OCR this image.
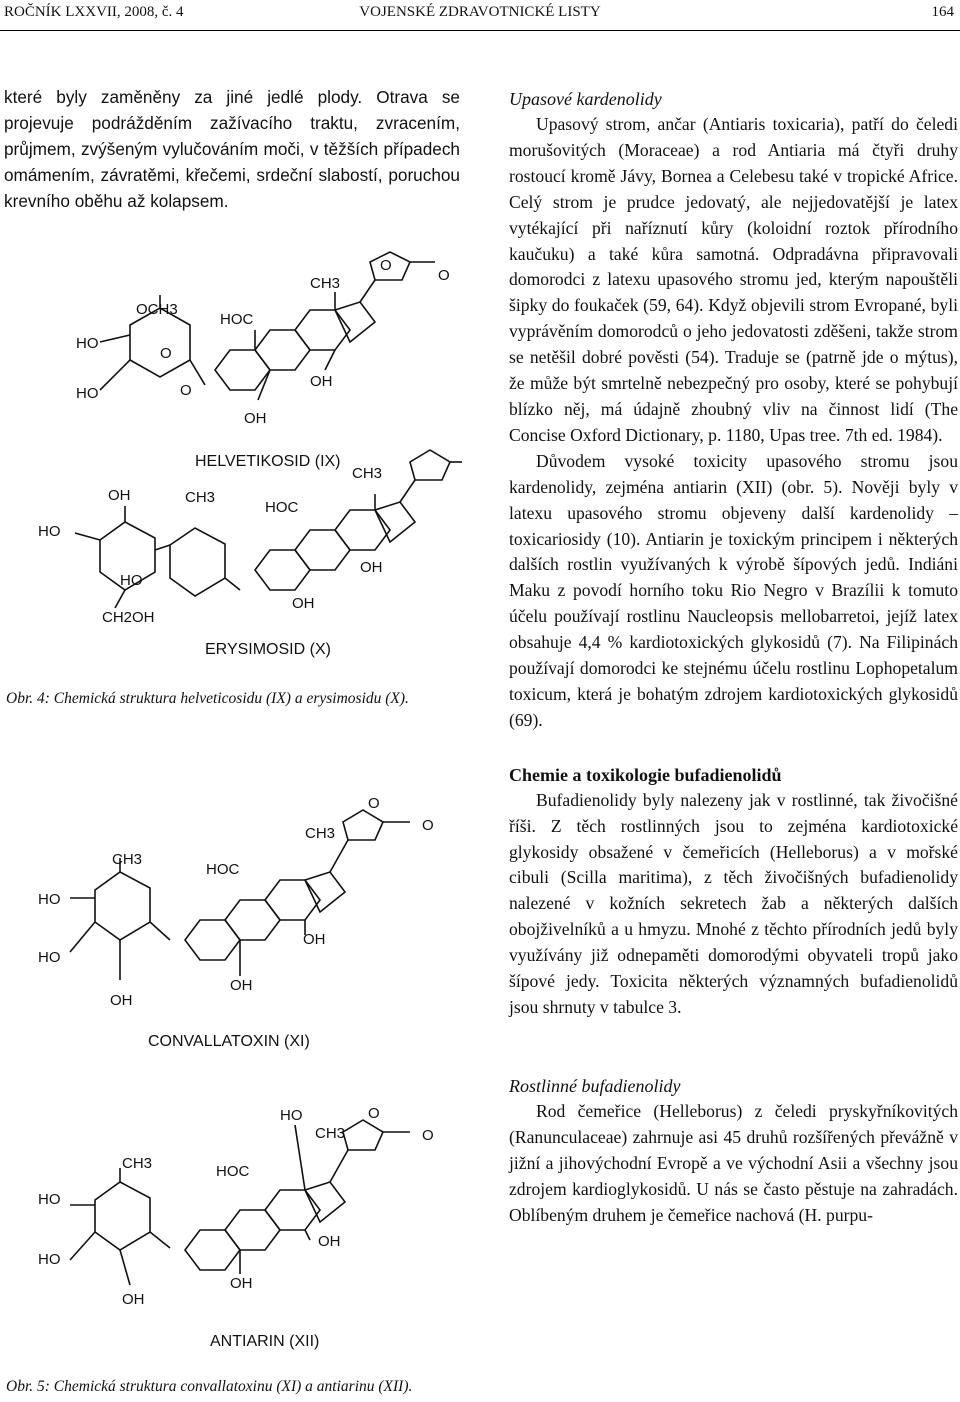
ROČNÍK LXXVII, 2008, č. 4	VOJENSKÉ ZDRAVOTNICKÉ LISTY	164

které byly zaměněny za jiné jedlé plody. Otrava se projevuje podrážděním zažívacího traktu, zvracením, průjmem, zvýšeným vylučováním moči, v těžších případech omámením, závratěmi, křečemi, srdeční slabostí, poruchou krevního oběhu až kolapsem.

OCH3
HO
HO
O
O
HOC
CH3
O
O
OH
OH
HELVETIKOSID (IX)
OH
HO
CH3
HO
CH2OH
HOC
CH3
OH
OH
ERYSIMOSID (X)
Obr. 4: Chemická struktura helveticosidu (IX) a erysimosidu (X).
CH3
HO
HO
OH
HOC
CH3
O
O
OH
OH
CONVALLATOXIN (XI)
CH3
HO
HO
OH
HOC
HO
CH3
O
O
OH
OH
ANTIARIN (XII)
Obr. 5: Chemická struktura convallatoxinu (XI) a antiarinu (XII).
Upasové kardenolidy

Upasový strom, ančar (Antiaris toxicaria), patří do čeledi morušovitých (Moraceae) a rod Antiaria má čtyři druhy rostoucí kromě Jávy, Bornea a Celebesu také v tropické Africe. Celý strom je prudce jedovatý, ale nejjedovatější je latex vytékající při naříznutí kůry (koloidní roztok přírodního kaučuku) a také kůra samotná. Odpradávna připravovali domorodci z latexu upasového stromu jed, kterým napouštěli šipky do foukaček (59, 64). Když objevili strom Evropané, byli vyprávěním domorodců o jeho jedovatosti zděšeni, takže strom se netěšil dobré pověsti (54). Traduje se (patrně jde o mýtus), že může být smrtelně nebezpečný pro osoby, které se pohybují blízko něj, má údajně zhoubný vliv na činnost lidí (The Concise Oxford Dictionary, p. 1180, Upas tree. 7th ed. 1984).

Důvodem vysoké toxicity upasového stromu jsou kardenolidy, zejména antiarin (XII) (obr. 5). Nověji byly v latexu upasového stromu objeveny další kardenolidy – toxicariosidy (10). Antiarin je toxickým principem i některých dalších rostlin využívaných k výrobě šípových jedů. Indiáni Maku z povodí horního toku Rio Negro v Brazílii k tomuto účelu používají rostlinu Naucleopsis mellobarretoi, jejíž latex obsahuje 4,4 % kardiotoxických glykosidů (7). Na Filipinách používají domorodci ke stejnému účelu rostlinu Lophopetalum toxicum, která je bohatým zdrojem kardiotoxických glykosidů (69).

Chemie a toxikologie bufadienolidů

Bufadienolidy byly nalezeny jak v rostlinné, tak živočišné říši. Z těch rostlinných jsou to zejména kardiotoxické glykosidy obsažené v čemeřicích (Helleborus) a v mořské cibuli (Scilla maritima), z těch živočišných bufadienolidy nalezené v kožních sekretech žab a některých dalších obojživelníků a u hmyzu. Mnohé z těchto přírodních jedů byly využívány již odnepaměti domorodými obyvateli tropů jako šípové jedy. Toxicita některých významných bufadienolidů jsou shrnuty v tabulce 3.

Rostlinné bufadienolidy

Rod čemeřice (Helleborus) z čeledi pryskyřníkovitých (Ranunculaceae) zahrnuje asi 45 druhů rozšířených převážně v jižní a jihovýchodní Evropě a ve východní Asii a všechny jsou zdrojem kardioglykosidů. U nás se často pěstuje na zahradách. Oblíbeným druhem je čemeřice nachová (H. purpu-
